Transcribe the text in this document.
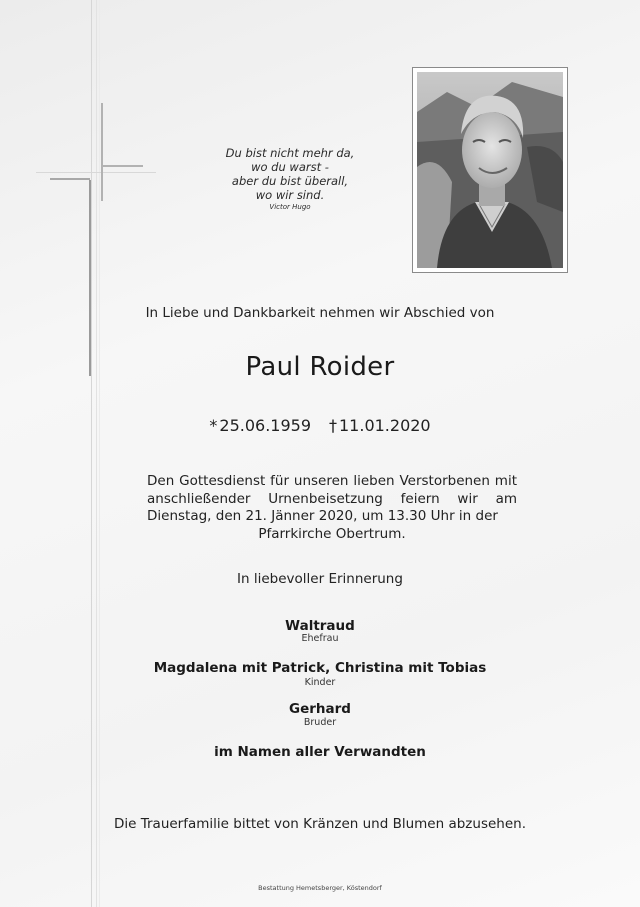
Du bist nicht mehr da,
wo du warst -
aber du bist überall,
wo wir sind.
Victor Hugo
In Liebe und Dankbarkeit nehmen wir Abschied von
Paul Roider
* 25.06.1959 † 11.01.2020
Den Gottesdienst für unseren lieben Verstorbenen mit anschließender Urnenbeisetzung feiern wir am Dienstag, den 21. Jänner 2020, um 13.30 Uhr in der
Pfarrkirche Obertrum.
In liebevoller Erinnerung
Waltraud
Ehefrau
Magdalena mit Patrick, Christina mit Tobias
Kinder
Gerhard
Bruder
im Namen aller Verwandten
Die Trauerfamilie bittet von Kränzen und Blumen abzusehen.
Bestattung Hemetsberger, Köstendorf
